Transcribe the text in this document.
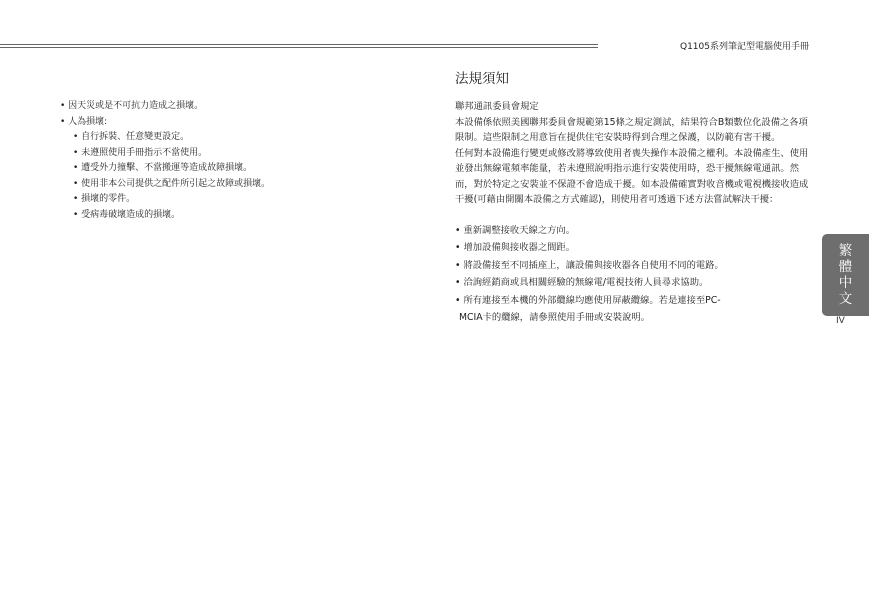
Q1105系列筆記型電腦使用手冊
• 因天災或是不可抗力造成之損壞。
• 人為損壞:
• 自行拆裝、任意變更設定。
• 未遵照使用手冊指示不當使用。
• 遭受外力撞擊、不當搬運等造成故障損壞。
• 使用非本公司提供之配件所引起之故障或損壞。
• 損壞的零件。
• 受病毒破壞造成的損壞。
法規須知

聯邦通訊委員會規定

本設備係依照美國聯邦委員會規範第15條之規定測試，結果符合B類數位化設備之各項限制。這些限制之用意旨在提供住宅安裝時得到合理之保護，以防範有害干擾。

任何對本設備進行變更或修改將導致使用者喪失操作本設備之權利。本設備產生、使用並發出無線電頻率能量，若未遵照說明指示進行安裝使用時，恐干擾無線電通訊。然而，對於特定之安裝並不保證不會造成干擾。如本設備確實對收音機或電視機接收造成干擾(可藉由開關本設備之方式確認)，則使用者可透過下述方法嘗試解決干擾：

• 重新調整接收天線之方向。
• 增加設備與接收器之間距。
• 將設備接至不同插座上，讓設備與接收器各自使用不同的電路。
• 洽詢經銷商或具相關經驗的無線電/電視技術人員尋求協助。
• 所有連接至本機的外部纜線均應使用屏蔽纜線。若是連接至PC-
MCIA卡的纜線，請參照使用手冊或安裝說明。
繁
體
中
文
IV
